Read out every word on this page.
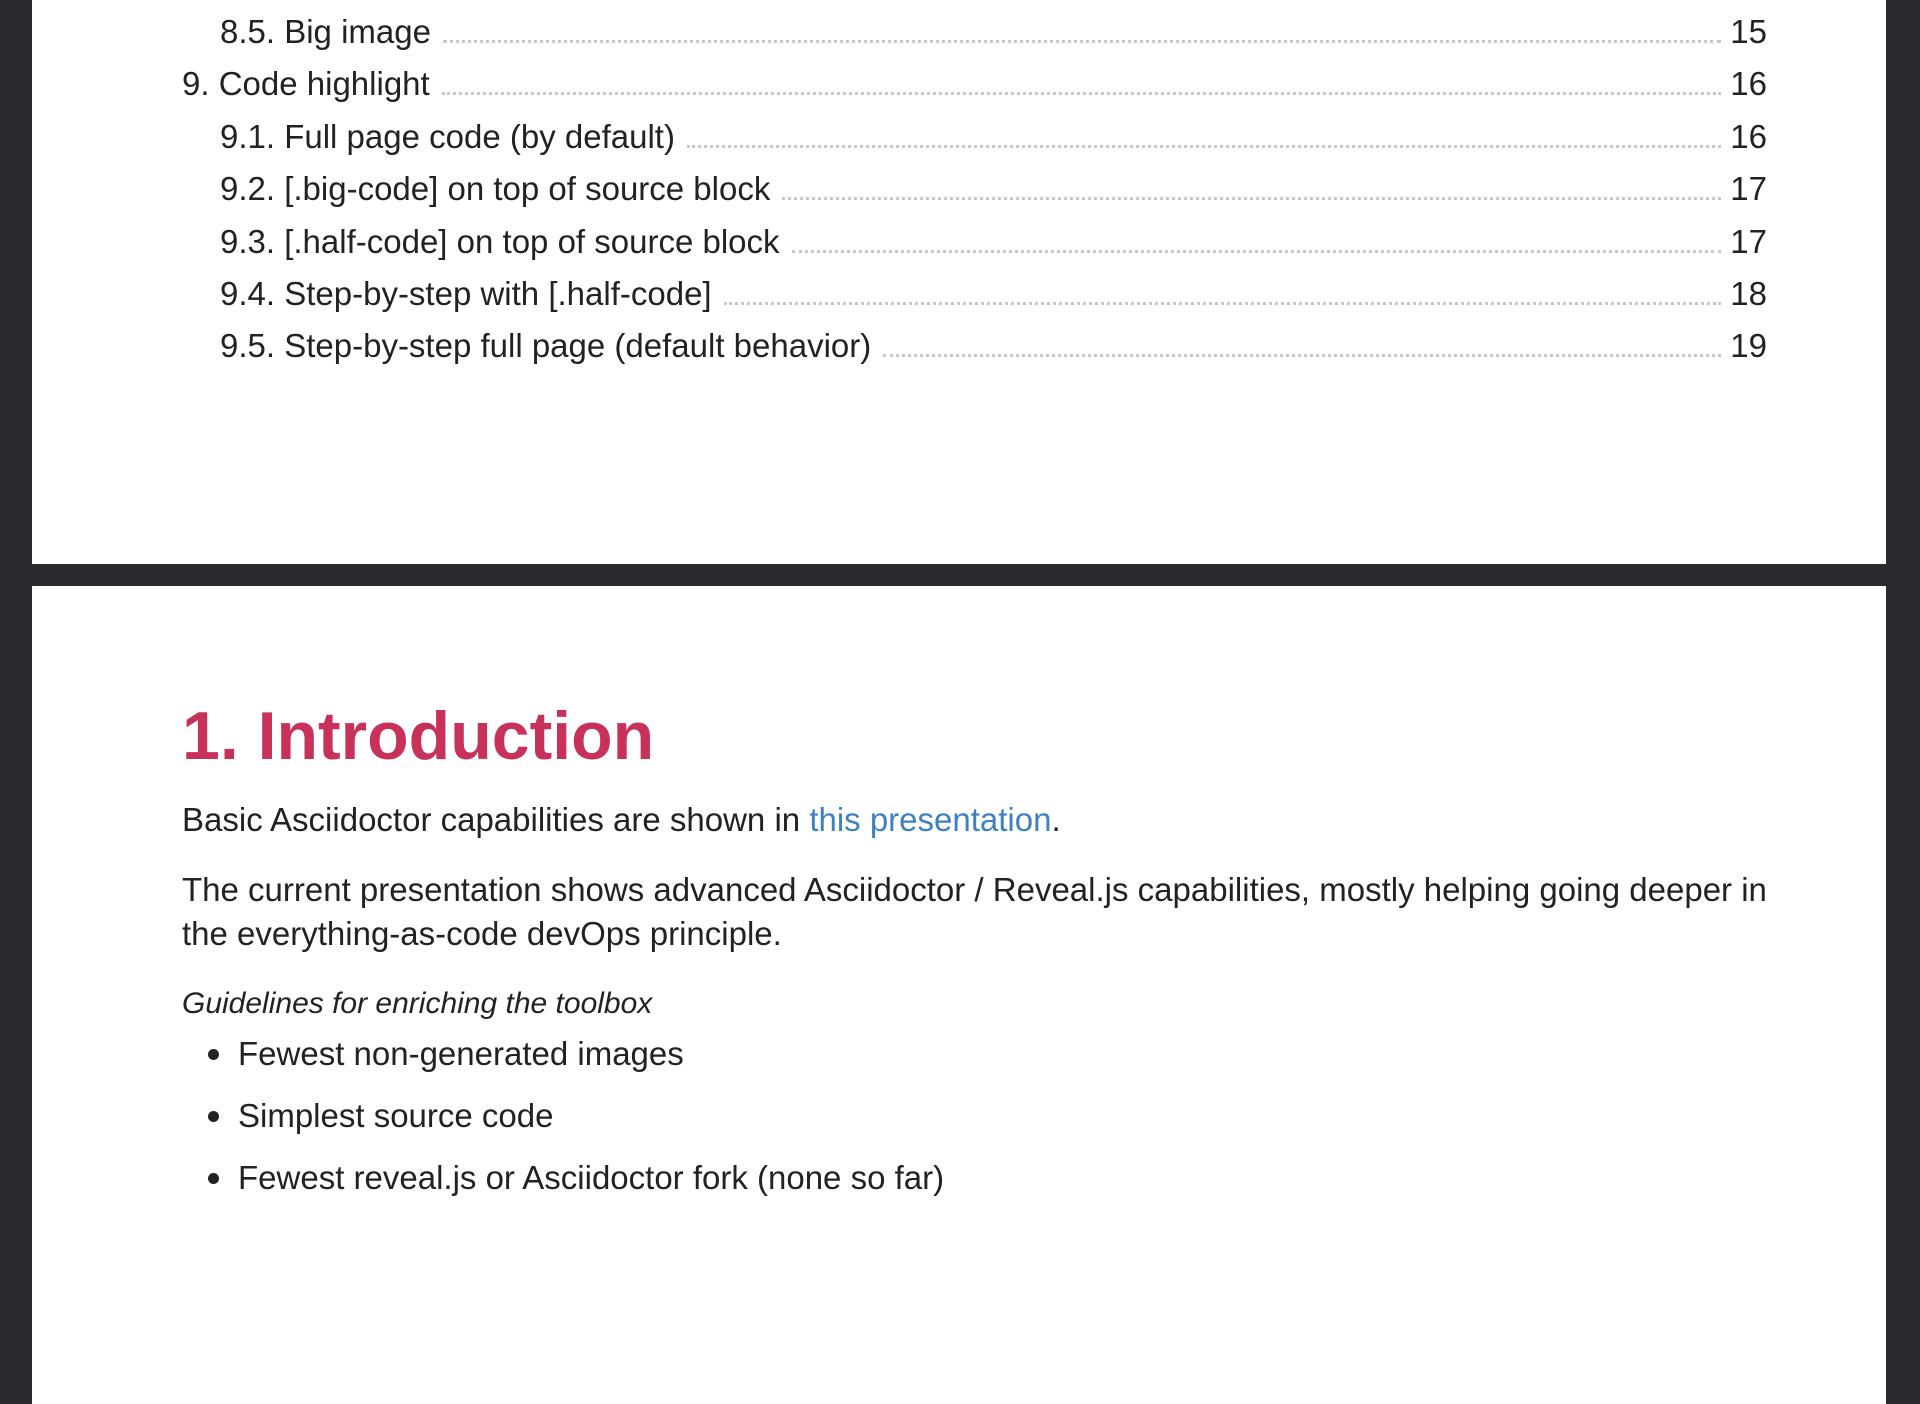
8.5. Big image	15
9. Code highlight	16
9.1. Full page code (by default)	16
9.2. [.big-code] on top of source block	17
9.3. [.half-code] on top of source block	17
9.4. Step-by-step with [.half-code]	18
9.5. Step-by-step full page (default behavior)	19
1. Introduction

Basic Asciidoctor capabilities are shown in this presentation.

The current presentation shows advanced Asciidoctor / Reveal.js capabilities, mostly helping going deeper in the everything-as-code devOps principle.

Guidelines for enriching the toolbox
Fewest non-generated images
Simplest source code
Fewest reveal.js or Asciidoctor fork (none so far)
